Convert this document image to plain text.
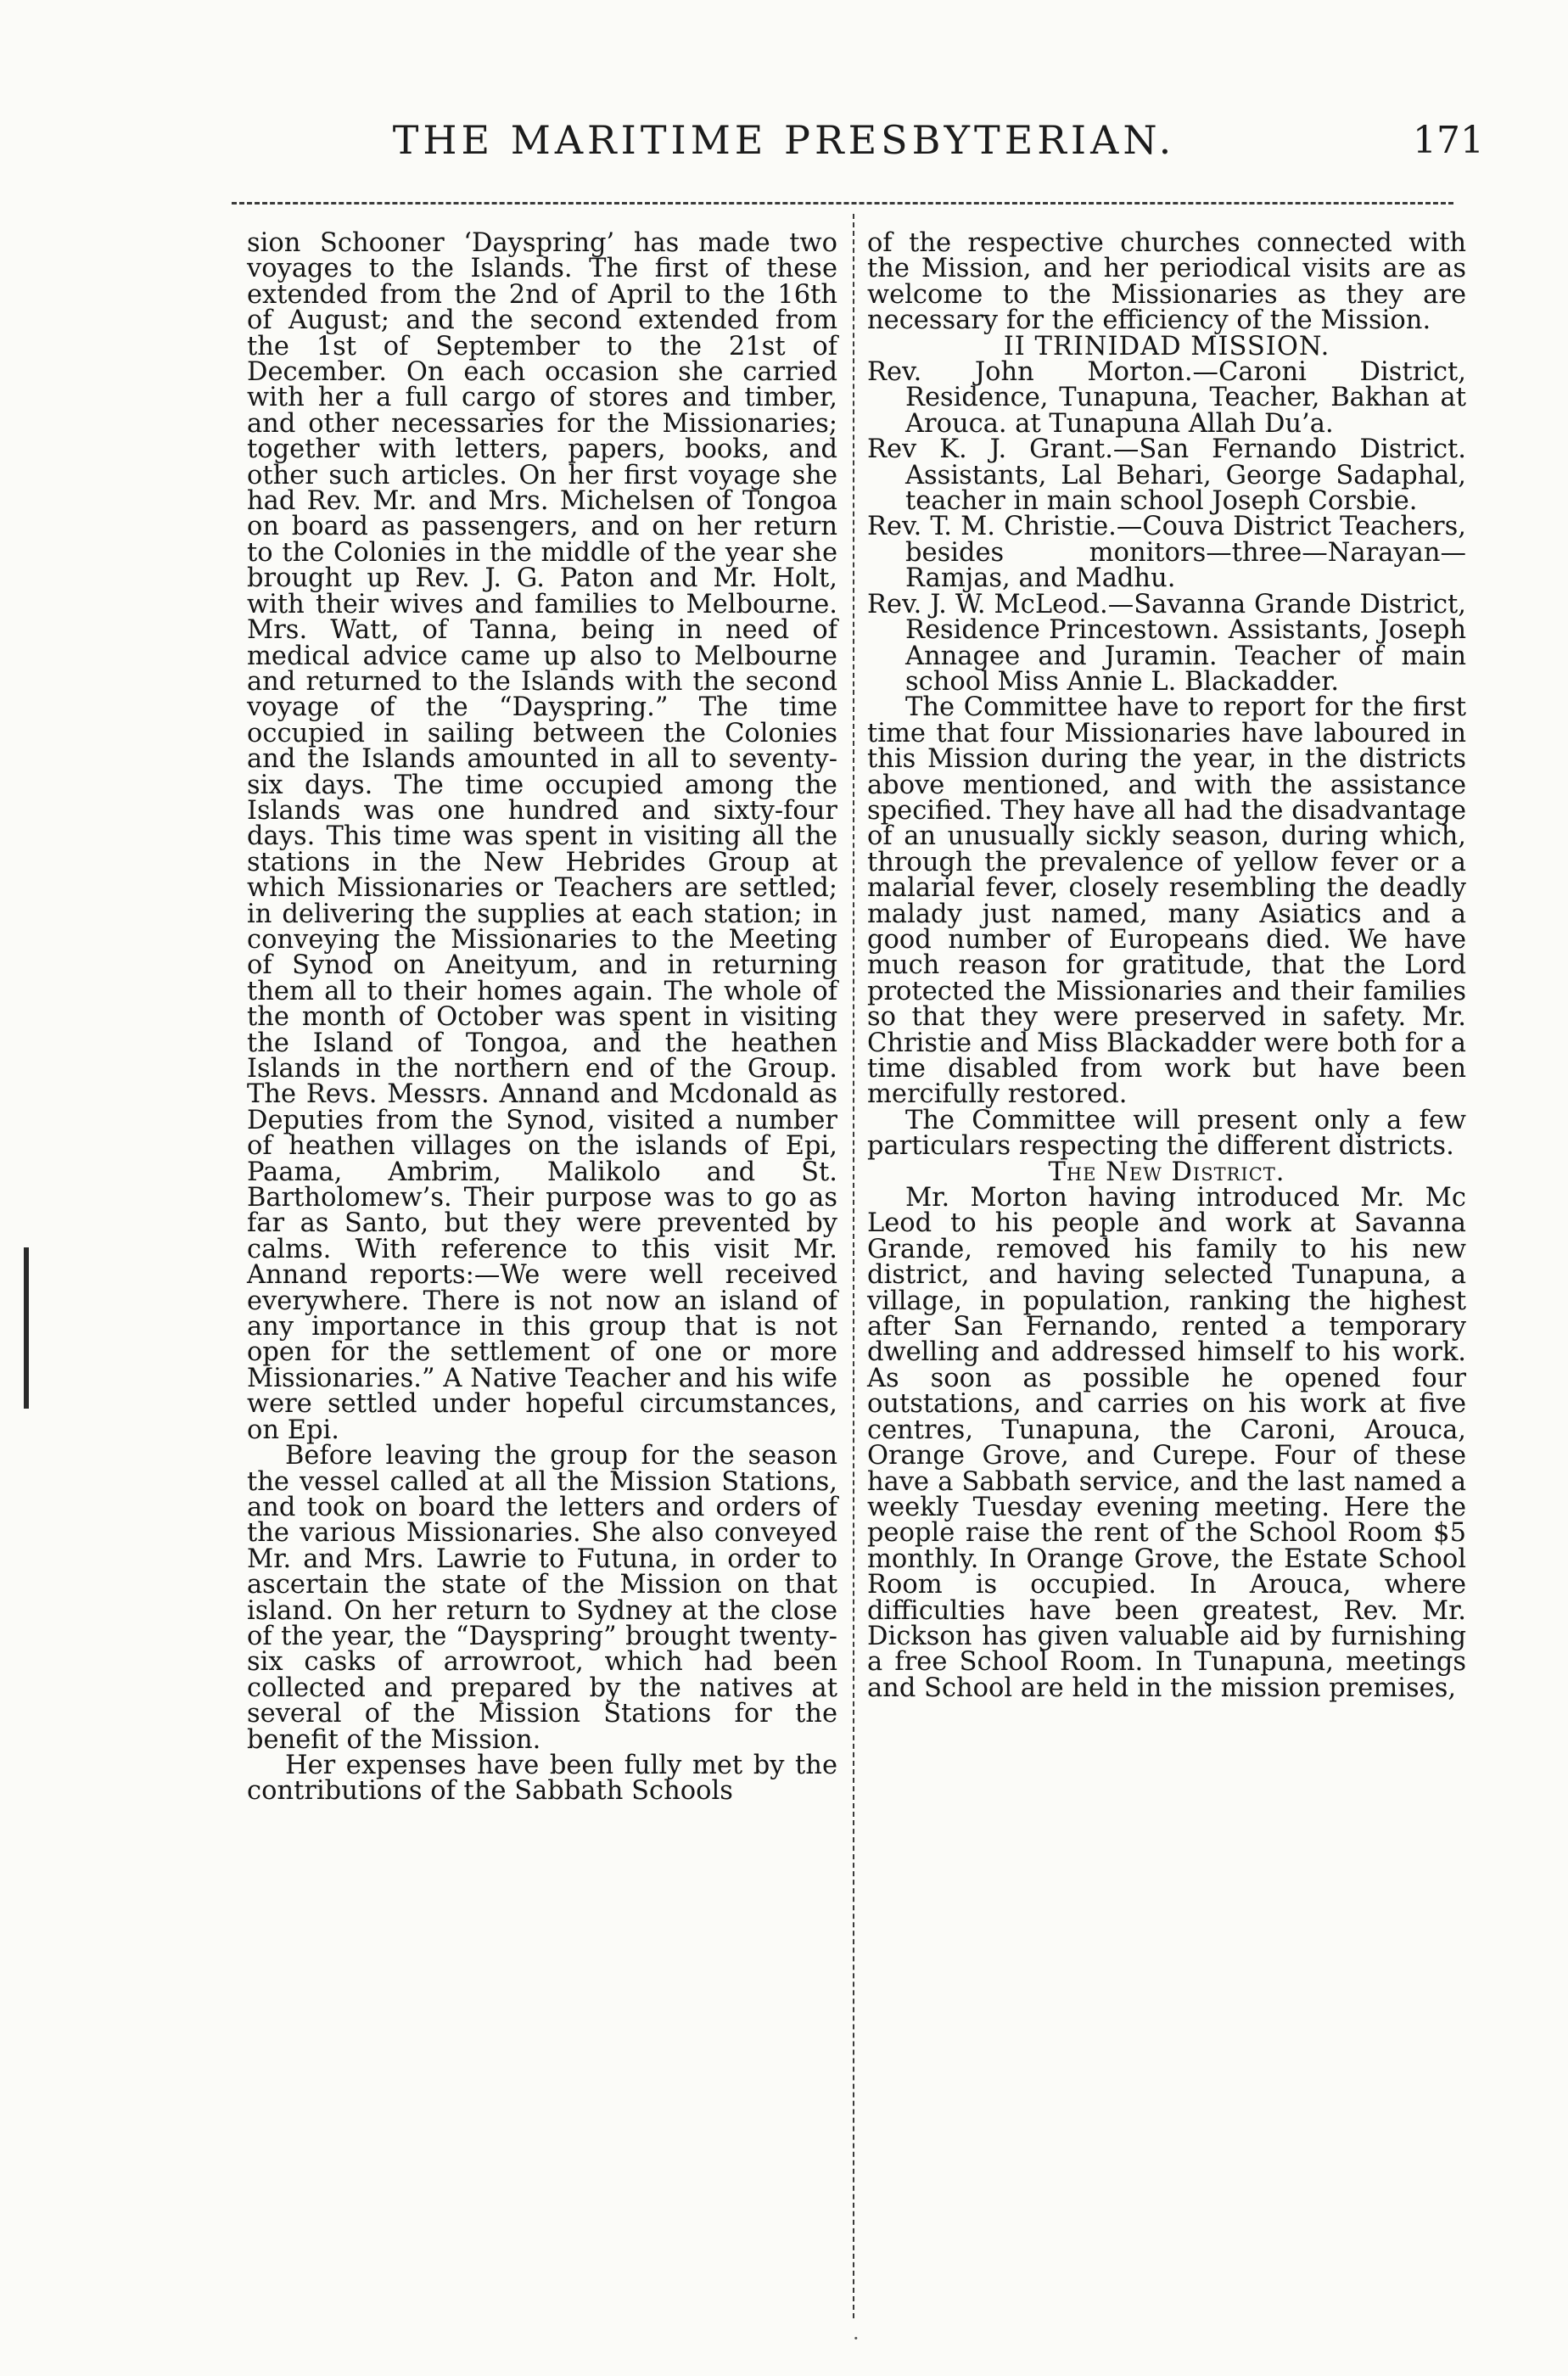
THE MARITIME PRESBYTERIAN.	171

sion Schooner ‘Dayspring’ has made two voyages to the Islands. The first of these extended from the 2nd of April to the 16th of August; and the second extended from the 1st of September to the 21st of December. On each occasion she carried with her a full cargo of stores and timber, and other necessaries for the Missionaries; together with letters, papers, books, and other such articles. On her first voyage she had Rev. Mr. and Mrs. Michelsen of Tongoa on board as passengers, and on her return to the Colonies in the middle of the year she brought up Rev. J. G. Paton and Mr. Holt, with their wives and families to Melbourne. Mrs. Watt, of Tanna, being in need of medical advice came up also to Melbourne and returned to the Islands with the second voyage of the “Dayspring.” The time occupied in sailing between the Colonies and the Islands amounted in all to seventy-six days. The time occupied among the Islands was one hundred and sixty-four days. This time was spent in visiting all the stations in the New Hebrides Group at which Missionaries or Teachers are settled; in delivering the supplies at each station; in conveying the Missionaries to the Meeting of Synod on Aneityum, and in returning them all to their homes again. The whole of the month of October was spent in visiting the Island of Tongoa, and the heathen Islands in the northern end of the Group. The Revs. Messrs. Annand and Mcdonald as Deputies from the Synod, visited a number of heathen villages on the islands of Epi, Paama, Ambrim, Malikolo and St. Bartholomew’s. Their purpose was to go as far as Santo, but they were prevented by calms. With reference to this visit Mr. Annand reports:—We were well received everywhere. There is not now an island of any importance in this group that is not open for the settlement of one or more Missionaries.” A Native Teacher and his wife were settled under hopeful circumstances, on Epi.

Before leaving the group for the season the vessel called at all the Mission Stations, and took on board the letters and orders of the various Missionaries. She also conveyed Mr. and Mrs. Lawrie to Futuna, in order to ascertain the state of the Mission on that island. On her return to Sydney at the close of the year, the “Dayspring” brought twenty-six casks of arrowroot, which had been collected and prepared by the natives at several of the Mission Stations for the benefit of the Mission.

Her expenses have been fully met by the contributions of the Sabbath Schools

of the respective churches connected with the Mission, and her periodical visits are as welcome to the Missionaries as they are necessary for the efficiency of the Mission.

II TRINIDAD MISSION.

Rev. John Morton.—Caroni District, Residence, Tunapuna, Teacher, Bakhan at Arouca. at Tunapuna Allah Du’a.

Rev K. J. Grant.—San Fernando District. Assistants, Lal Behari, George Sadaphal, teacher in main school Joseph Corsbie.

Rev. T. M. Christie.—Couva District Teachers, besides monitors—three—Narayan—Ramjas, and Madhu.

Rev. J. W. McLeod.—Savanna Grande District, Residence Princestown. Assistants, Joseph Annagee and Juramin. Teacher of main school Miss Annie L. Blackadder.

The Committee have to report for the first time that four Missionaries have laboured in this Mission during the year, in the districts above mentioned, and with the assistance specified. They have all had the disadvantage of an unusually sickly season, during which, through the prevalence of yellow fever or a malarial fever, closely resembling the deadly malady just named, many Asiatics and a good number of Europeans died. We have much reason for gratitude, that the Lord protected the Missionaries and their families so that they were preserved in safety. Mr. Christie and Miss Blackadder were both for a time disabled from work but have been mercifully restored.

The Committee will present only a few particulars respecting the different districts.

The New District.

Mr. Morton having introduced Mr. Mc Leod to his people and work at Savanna Grande, removed his family to his new district, and having selected Tunapuna, a village, in population, ranking the highest after San Fernando, rented a temporary dwelling and addressed himself to his work. As soon as possible he opened four outstations, and carries on his work at five centres, Tunapuna, the Caroni, Arouca, Orange Grove, and Curepe. Four of these have a Sabbath service, and the last named a weekly Tuesday evening meeting. Here the people raise the rent of the School Room $5 monthly. In Orange Grove, the Estate School Room is occupied. In Arouca, where difficulties have been greatest, Rev. Mr. Dickson has given valuable aid by furnishing a free School Room. In Tunapuna, meetings and School are held in the mission premises,

·
